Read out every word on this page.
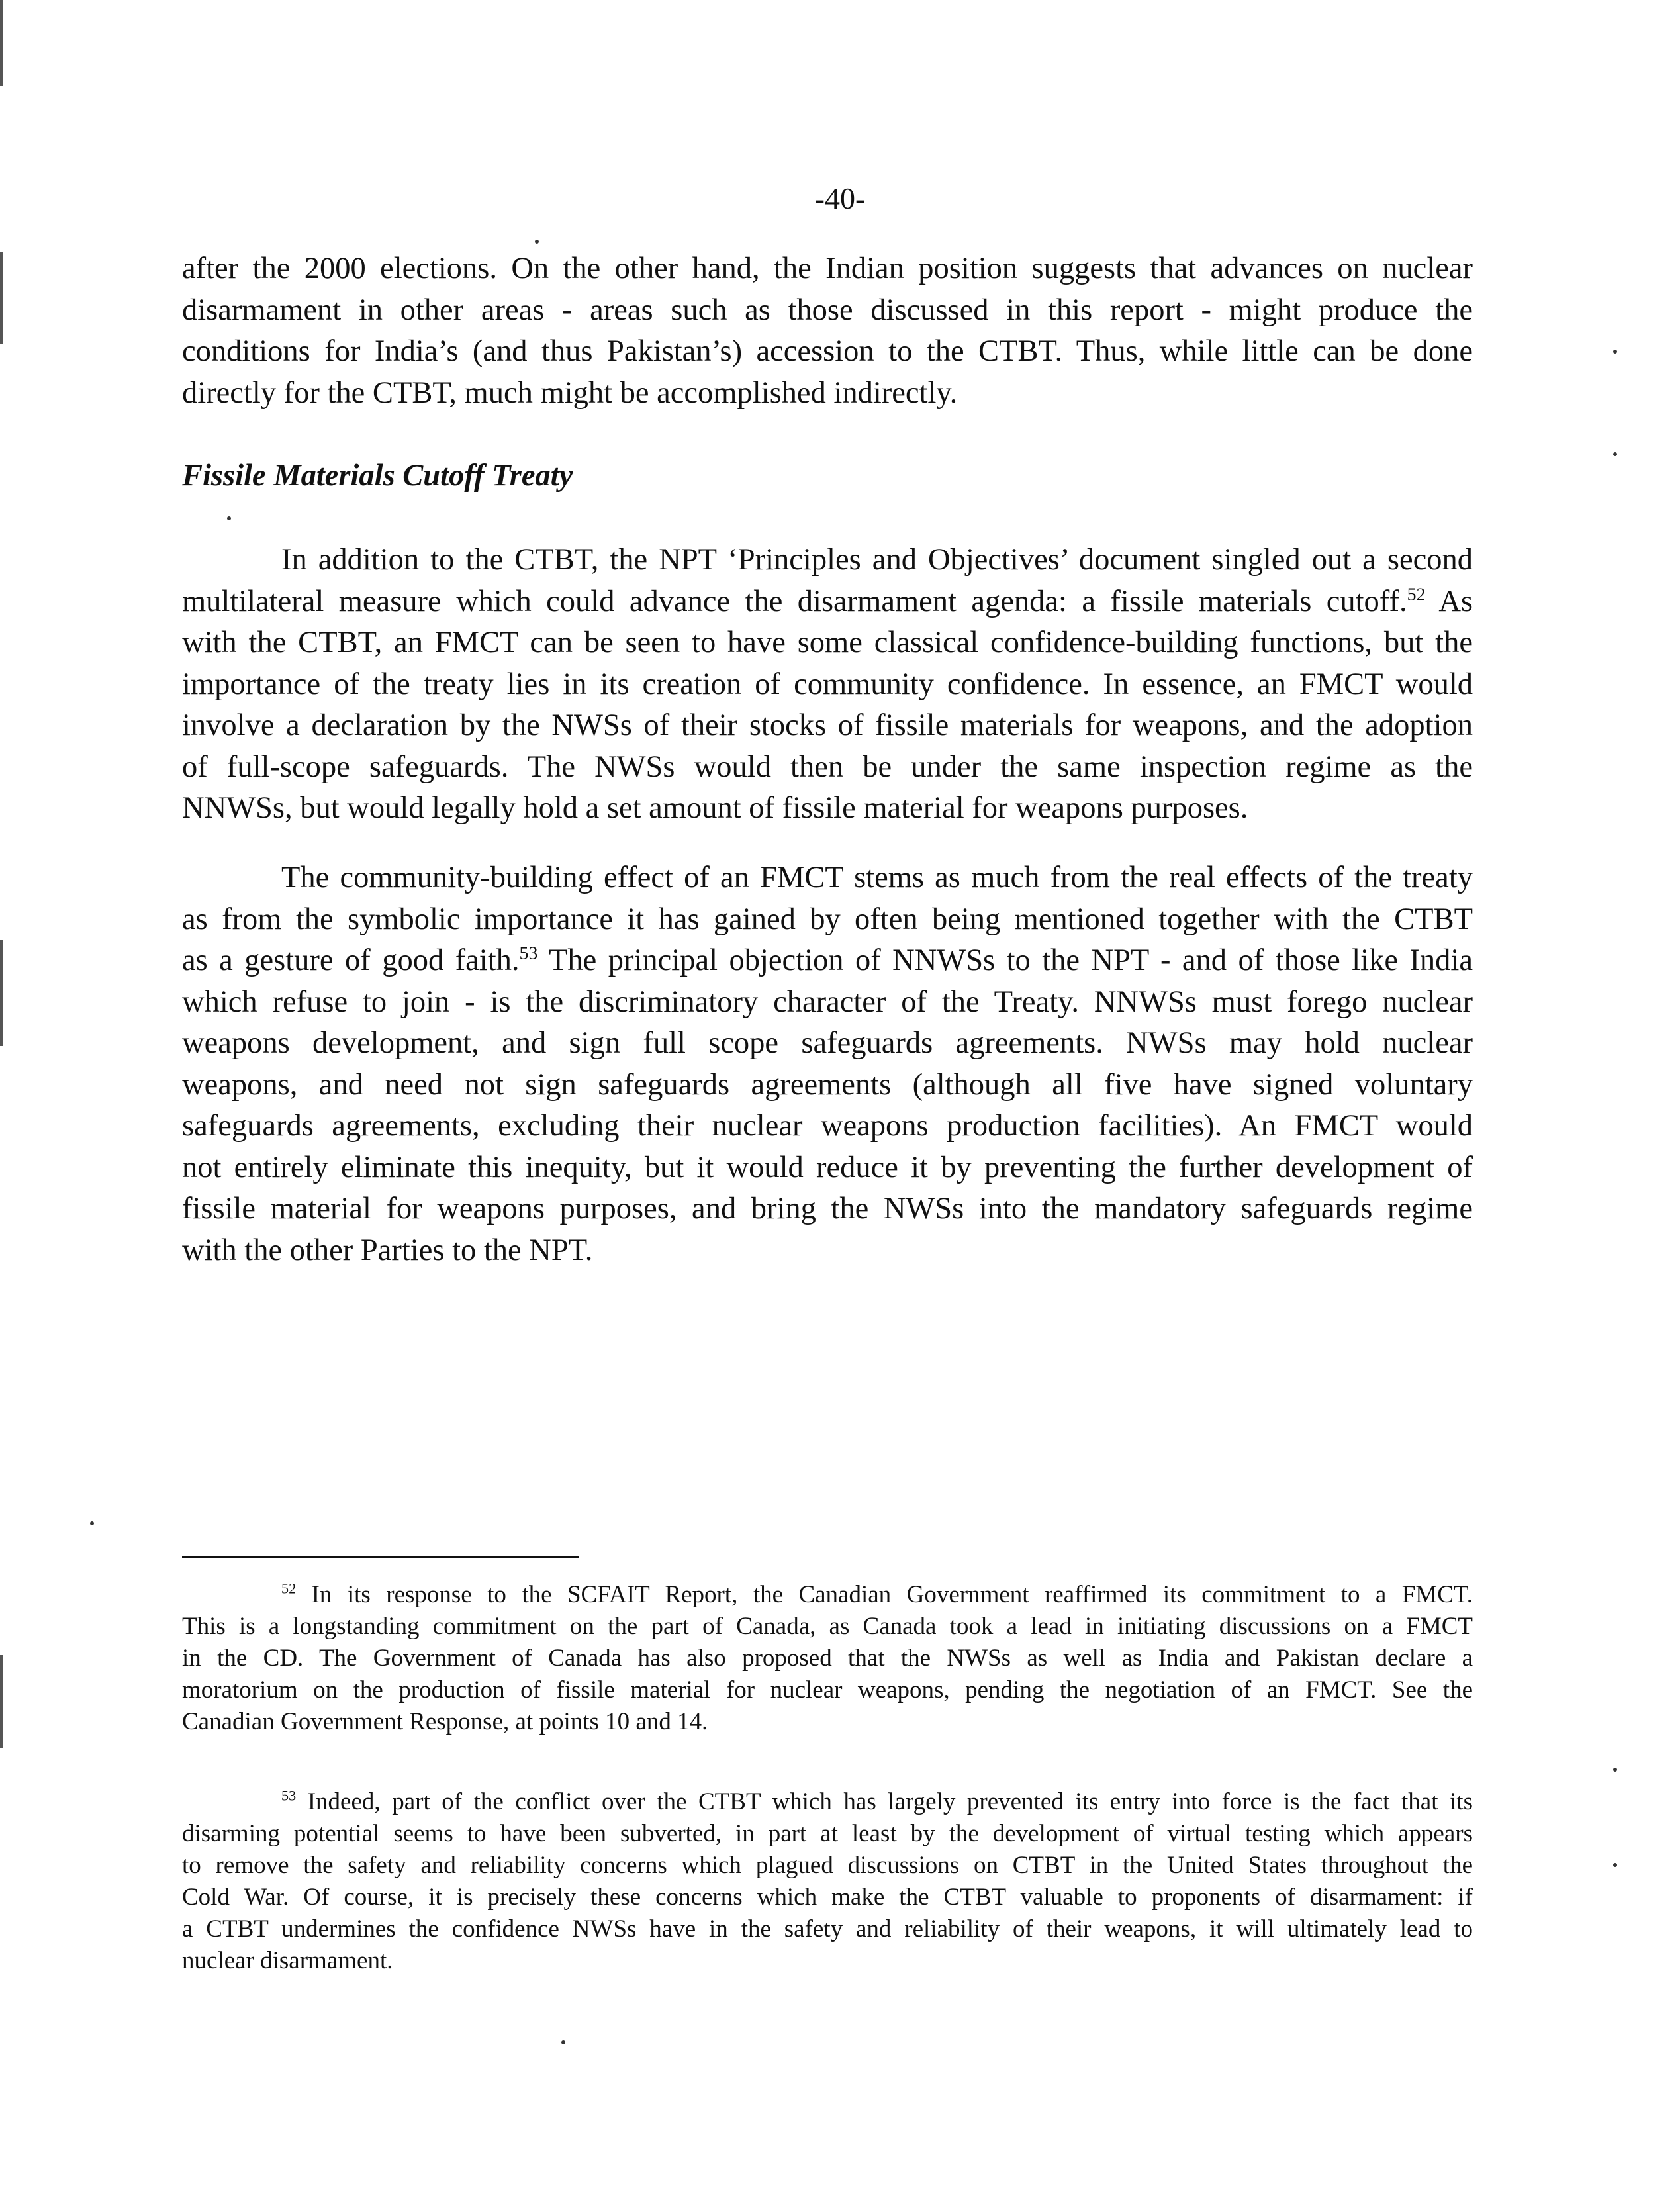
-40-

after the 2000 elections. On the other hand, the Indian position suggests that advances on nuclear
disarmament in other areas - areas such as those discussed in this report - might produce the
conditions for India’s (and thus Pakistan’s) accession to the CTBT. Thus, while little can be done
directly for the CTBT, much might be accomplished indirectly.

Fissile Materials Cutoff Treaty

In addition to the CTBT, the NPT ‘Principles and Objectives’ document singled out a second
multilateral measure which could advance the disarmament agenda: a fissile materials cutoff.$^{52}$ As
with the CTBT, an FMCT can be seen to have some classical confidence-building functions, but the
importance of the treaty lies in its creation of community confidence. In essence, an FMCT would
involve a declaration by the NWSs of their stocks of fissile materials for weapons, and the adoption
of full-scope safeguards. The NWSs would then be under the same inspection regime as the
NNWSs, but would legally hold a set amount of fissile material for weapons purposes.

The community-building effect of an FMCT stems as much from the real effects of the treaty
as from the symbolic importance it has gained by often being mentioned together with the CTBT
as a gesture of good faith.$^{53}$ The principal objection of NNWSs to the NPT - and of those like India
which refuse to join - is the discriminatory character of the Treaty. NNWSs must forego nuclear
weapons development, and sign full scope safeguards agreements. NWSs may hold nuclear
weapons, and need not sign safeguards agreements (although all five have signed voluntary
safeguards agreements, excluding their nuclear weapons production facilities). An FMCT would
not entirely eliminate this inequity, but it would reduce it by preventing the further development of
fissile material for weapons purposes, and bring the NWSs into the mandatory safeguards regime
with the other Parties to the NPT.

$^{52}$ In its response to the SCFAIT Report, the Canadian Government reaffirmed its commitment to a FMCT.
This is a longstanding commitment on the part of Canada, as Canada took a lead in initiating discussions on a FMCT
in the CD. The Government of Canada has also proposed that the NWSs as well as India and Pakistan declare a
moratorium on the production of fissile material for nuclear weapons, pending the negotiation of an FMCT. See the
Canadian Government Response, at points 10 and 14.

$^{53}$ Indeed, part of the conflict over the CTBT which has largely prevented its entry into force is the fact that its
disarming potential seems to have been subverted, in part at least by the development of virtual testing which appears
to remove the safety and reliability concerns which plagued discussions on CTBT in the United States throughout the
Cold War. Of course, it is precisely these concerns which make the CTBT valuable to proponents of disarmament: if
a CTBT undermines the confidence NWSs have in the safety and reliability of their weapons, it will ultimately lead to
nuclear disarmament.
